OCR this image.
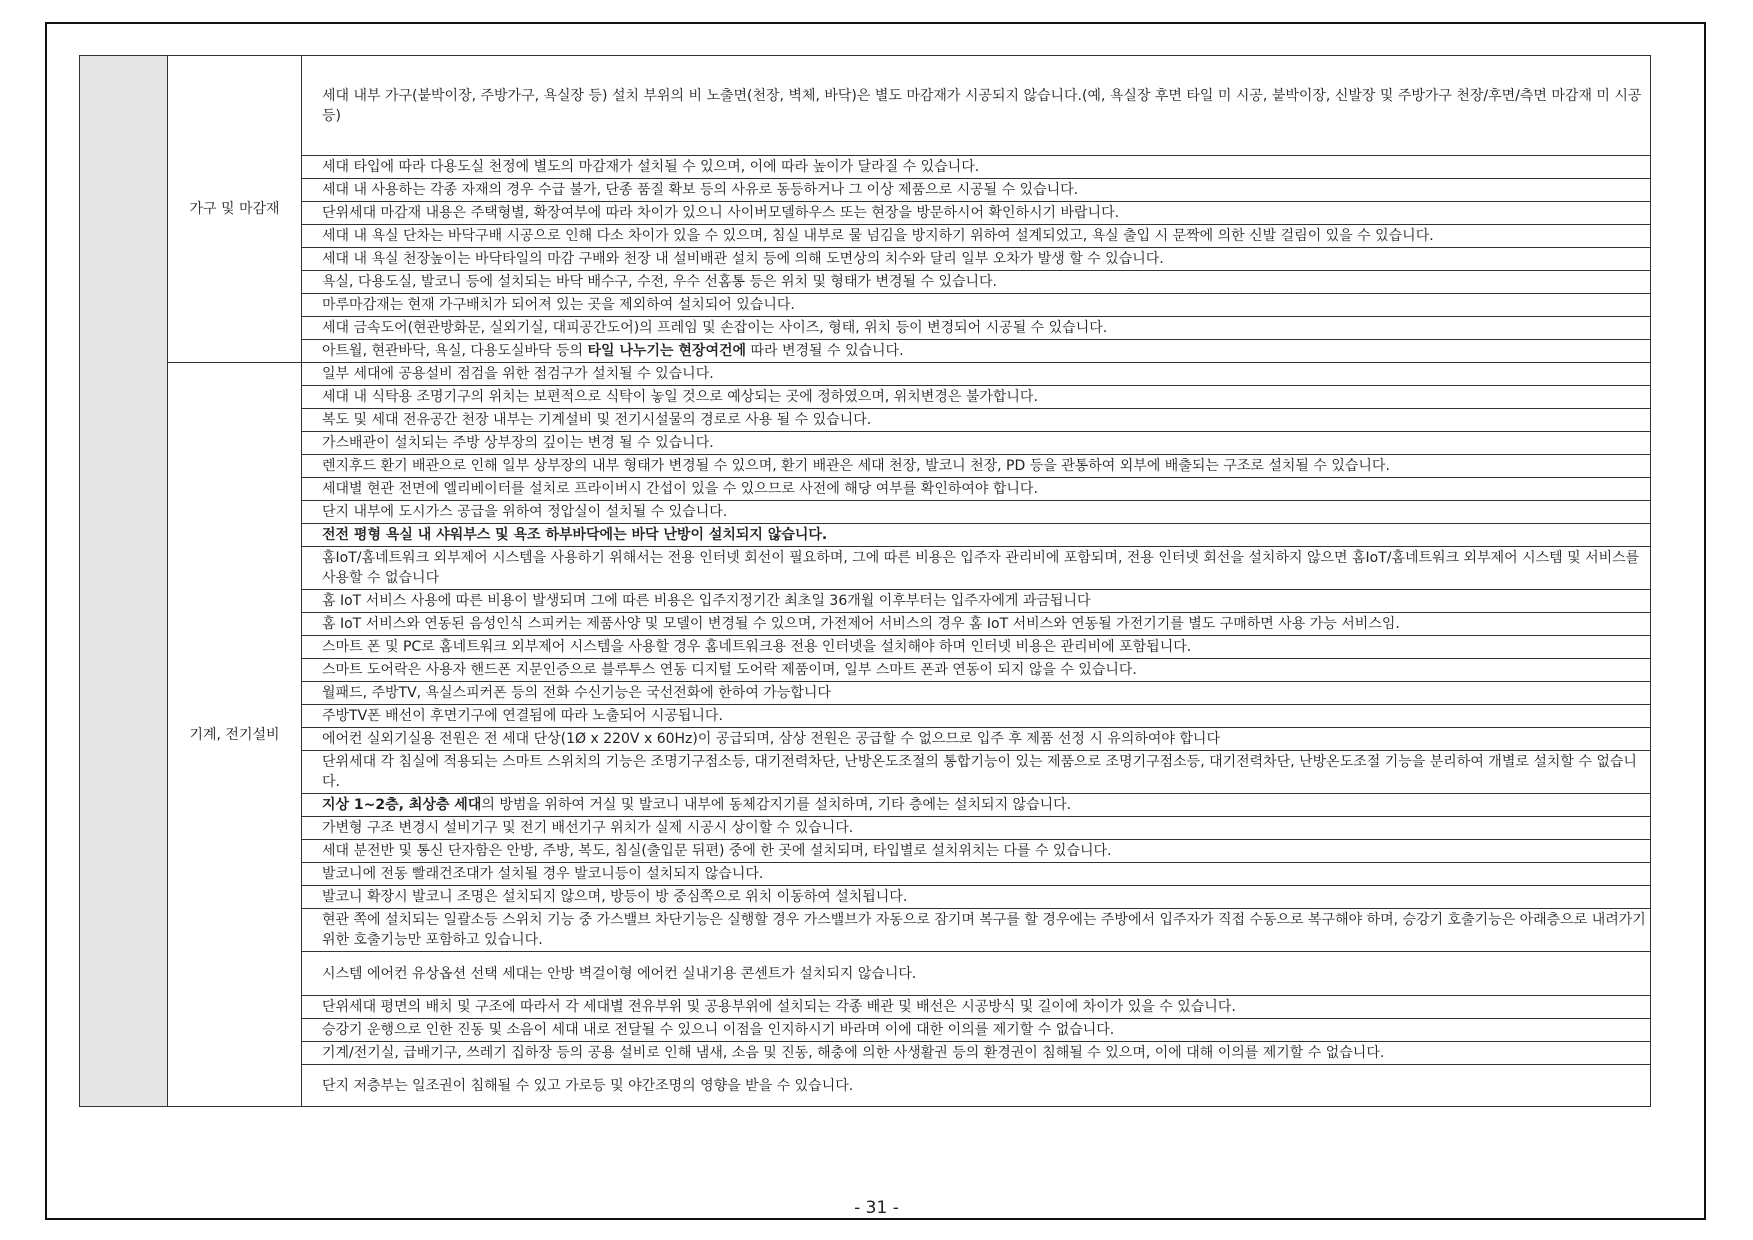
	가구 및 마감재	세대 내부 가구(붙박이장, 주방가구, 욕실장 등) 설치 부위의 비 노출면(천장, 벽체, 바닥)은 별도 마감재가 시공되지 않습니다.(예, 욕실장 후면 타일 미 시공, 붙박이장, 신발장 및 주방가구 천장/후면/측면 마감재 미 시공 등)
		세대 타입에 따라 다용도실 천정에 별도의 마감재가 설치될 수 있으며, 이에 따라 높이가 달라질 수 있습니다.
		세대 내 사용하는 각종 자재의 경우 수급 불가, 단종 품질 확보 등의 사유로 동등하거나 그 이상 제품으로 시공될 수 있습니다.
		단위세대 마감재 내용은 주택형별, 확장여부에 따라 차이가 있으니 사이버모델하우스 또는 현장을 방문하시어 확인하시기 바랍니다.
		세대 내 욕실 단차는 바닥구배 시공으로 인해 다소 차이가 있을 수 있으며, 침실 내부로 물 넘김을 방지하기 위하여 설계되었고, 욕실 출입 시 문짝에 의한 신발 걸림이 있을 수 있습니다.
		세대 내 욕실 천장높이는 바닥타일의 마감 구배와 천장 내 설비배관 설치 등에 의해 도면상의 치수와 달리 일부 오차가 발생 할 수 있습니다.
		욕실, 다용도실, 발코니 등에 설치되는 바닥 배수구, 수전, 우수 선홈통 등은 위치 및 형태가 변경될 수 있습니다.
		마루마감재는 현재 가구배치가 되어져 있는 곳을 제외하여 설치되어 있습니다.
		세대 금속도어(현관방화문, 실외기실, 대피공간도어)의 프레임 및 손잡이는 사이즈, 형태, 위치 등이 변경되어 시공될 수 있습니다.
		아트월, 현관바닥, 욕실, 다용도실바닥 등의 타일 나누기는 현장여건에 따라 변경될 수 있습니다.
	기계, 전기설비	일부 세대에 공용설비 점검을 위한 점검구가 설치될 수 있습니다.
		세대 내 식탁용 조명기구의 위치는 보편적으로 식탁이 놓일 것으로 예상되는 곳에 정하였으며, 위치변경은 불가합니다.
		복도 및 세대 전유공간 천장 내부는 기계설비 및 전기시설물의 경로로 사용 될 수 있습니다.
		가스배관이 설치되는 주방 상부장의 깊이는 변경 될 수 있습니다.
		렌지후드 환기 배관으로 인해 일부 상부장의 내부 형태가 변경될 수 있으며, 환기 배관은 세대 천장, 발코니 천장, PD 등을 관통하여 외부에 배출되는 구조로 설치될 수 있습니다.
		세대별 현관 전면에 엘리베이터를 설치로 프라이버시 간섭이 있을 수 있으므로 사전에 해당 여부를 확인하여야 합니다.
		단지 내부에 도시가스 공급을 위하여 정압실이 설치될 수 있습니다.
		전전 평형 욕실 내 샤워부스 및 욕조 하부바닥에는 바닥 난방이 설치되지 않습니다.
		홈IoT/홈네트워크 외부제어 시스템을 사용하기 위해서는 전용 인터넷 회선이 필요하며, 그에 따른 비용은 입주자 관리비에 포함되며, 전용 인터넷 회선을 설치하지 않으면 홈IoT/홈네트워크 외부제어 시스템 및 서비스를 사용할 수 없습니다
		홈 IoT 서비스 사용에 따른 비용이 발생되며 그에 따른 비용은 입주지정기간 최초일 36개월 이후부터는 입주자에게 과금됩니다
		홈 IoT 서비스와 연동된 음성인식 스피커는 제품사양 및 모델이 변경될 수 있으며, 가전제어 서비스의 경우 홈 IoT 서비스와 연동될 가전기기를 별도 구매하면 사용 가능 서비스임.
		스마트 폰 및 PC로 홈네트워크 외부제어 시스템을 사용할 경우 홈네트워크용 전용 인터넷을 설치해야 하며 인터넷 비용은 관리비에 포함됩니다.
		스마트 도어락은 사용자 핸드폰 지문인증으로 블루투스 연동 디지털 도어락 제품이며, 일부 스마트 폰과 연동이 되지 않을 수 있습니다.
		월패드, 주방TV, 욕실스피커폰 등의 전화 수신기능은 국선전화에 한하여 가능합니다
		주방TV폰 배선이 후면기구에 연결됨에 따라 노출되어 시공됩니다.
		에어컨 실외기실용 전원은 전 세대 단상(1Ø x 220V x 60Hz)이 공급되며, 삼상 전원은 공급할 수 없으므로 입주 후 제품 선정 시 유의하여야 합니다
		단위세대 각 침실에 적용되는 스마트 스위치의 기능은 조명기구점소등, 대기전력차단, 난방온도조절의 통합기능이 있는 제품으로 조명기구점소등, 대기전력차단, 난방온도조절 기능을 분리하여 개별로 설치할 수 없습니다.
		지상 1~2층, 최상층 세대의 방범을 위하여 거실 및 발코니 내부에 동체감지기를 설치하며, 기타 층에는 설치되지 않습니다.
		가변형 구조 변경시 설비기구 및 전기 배선기구 위치가 실제 시공시 상이할 수 있습니다.
		세대 분전반 및 통신 단자함은 안방, 주방, 복도, 침실(출입문 뒤편) 중에 한 곳에 설치되며, 타입별로 설치위치는 다를 수 있습니다.
		발코니에 전동 빨래건조대가 설치될 경우 발코니등이 설치되지 않습니다.
		발코니 확장시 발코니 조명은 설치되지 않으며, 방등이 방 중심쪽으로 위치 이동하여 설치됩니다.
		현관 쪽에 설치되는 일괄소등 스위치 기능 중 가스밸브 차단기능은 실행할 경우 가스밸브가 자동으로 잠기며 복구를 할 경우에는 주방에서 입주자가 직접 수동으로 복구해야 하며, 승강기 호출기능은 아래층으로 내려가기 위한 호출기능만 포함하고 있습니다.
		시스템 에어컨 유상옵션 선택 세대는 안방 벽걸이형 에어컨 실내기용 콘센트가 설치되지 않습니다.
		단위세대 평면의 배치 및 구조에 따라서 각 세대별 전유부위 및 공용부위에 설치되는 각종 배관 및 배선은 시공방식 및 길이에 차이가 있을 수 있습니다.
		승강기 운행으로 인한 진동 및 소음이 세대 내로 전달될 수 있으니 이점을 인지하시기 바라며 이에 대한 이의를 제기할 수 없습니다.
		기계/전기실, 급배기구, 쓰레기 집하장 등의 공용 설비로 인해 냄새, 소음 및 진동, 해충에 의한 사생활권 등의 환경권이 침해될 수 있으며, 이에 대해 이의를 제기할 수 없습니다.
		단지 저층부는 일조권이 침해될 수 있고 가로등 및 야간조명의 영향을 받을 수 있습니다.
- 31 -
